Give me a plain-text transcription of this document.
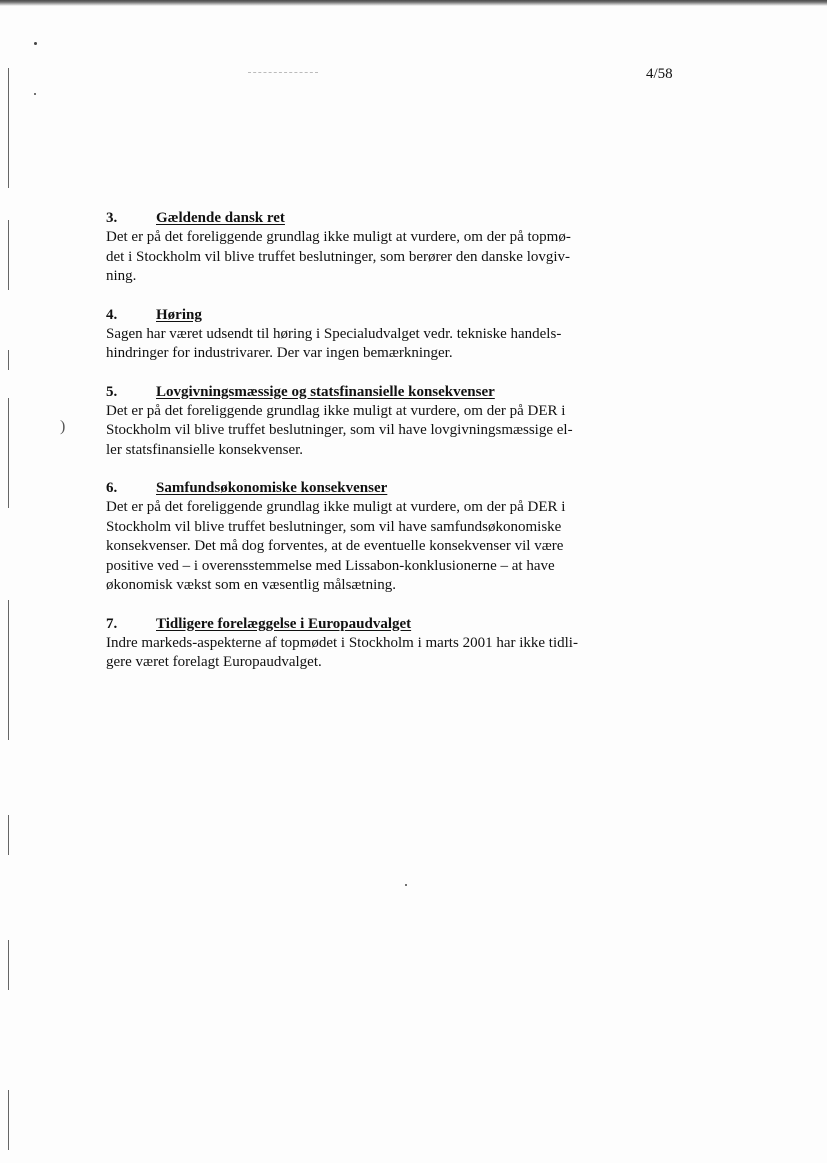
)
4/58
3.	Gældende dansk ret
Det er på det foreliggende grundlag ikke muligt at vurdere, om der på topmø-
det i Stockholm vil blive truffet beslutninger, som berører den danske lovgiv-
ning.
4.	Høring
Sagen har været udsendt til høring i Specialudvalget vedr. tekniske handels-
hindringer for industrivarer. Der var ingen bemærkninger.
5.	Lovgivningsmæssige og statsfinansielle konsekvenser
Det er på det foreliggende grundlag ikke muligt at vurdere, om der på DER i
Stockholm vil blive truffet beslutninger, som vil have lovgivningsmæssige el-
ler statsfinansielle konsekvenser.
6.	Samfundsøkonomiske konsekvenser
Det er på det foreliggende grundlag ikke muligt at vurdere, om der på DER i
Stockholm vil blive truffet beslutninger, som vil have samfundsøkonomiske
konsekvenser. Det må dog forventes, at de eventuelle konsekvenser vil være
positive ved – i overensstemmelse med Lissabon-konklusionerne – at have
økonomisk vækst som en væsentlig målsætning.
7.	Tidligere forelæggelse i Europaudvalget
Indre markeds-aspekterne af topmødet i Stockholm i marts 2001 har ikke tidli-
gere været forelagt Europaudvalget.
